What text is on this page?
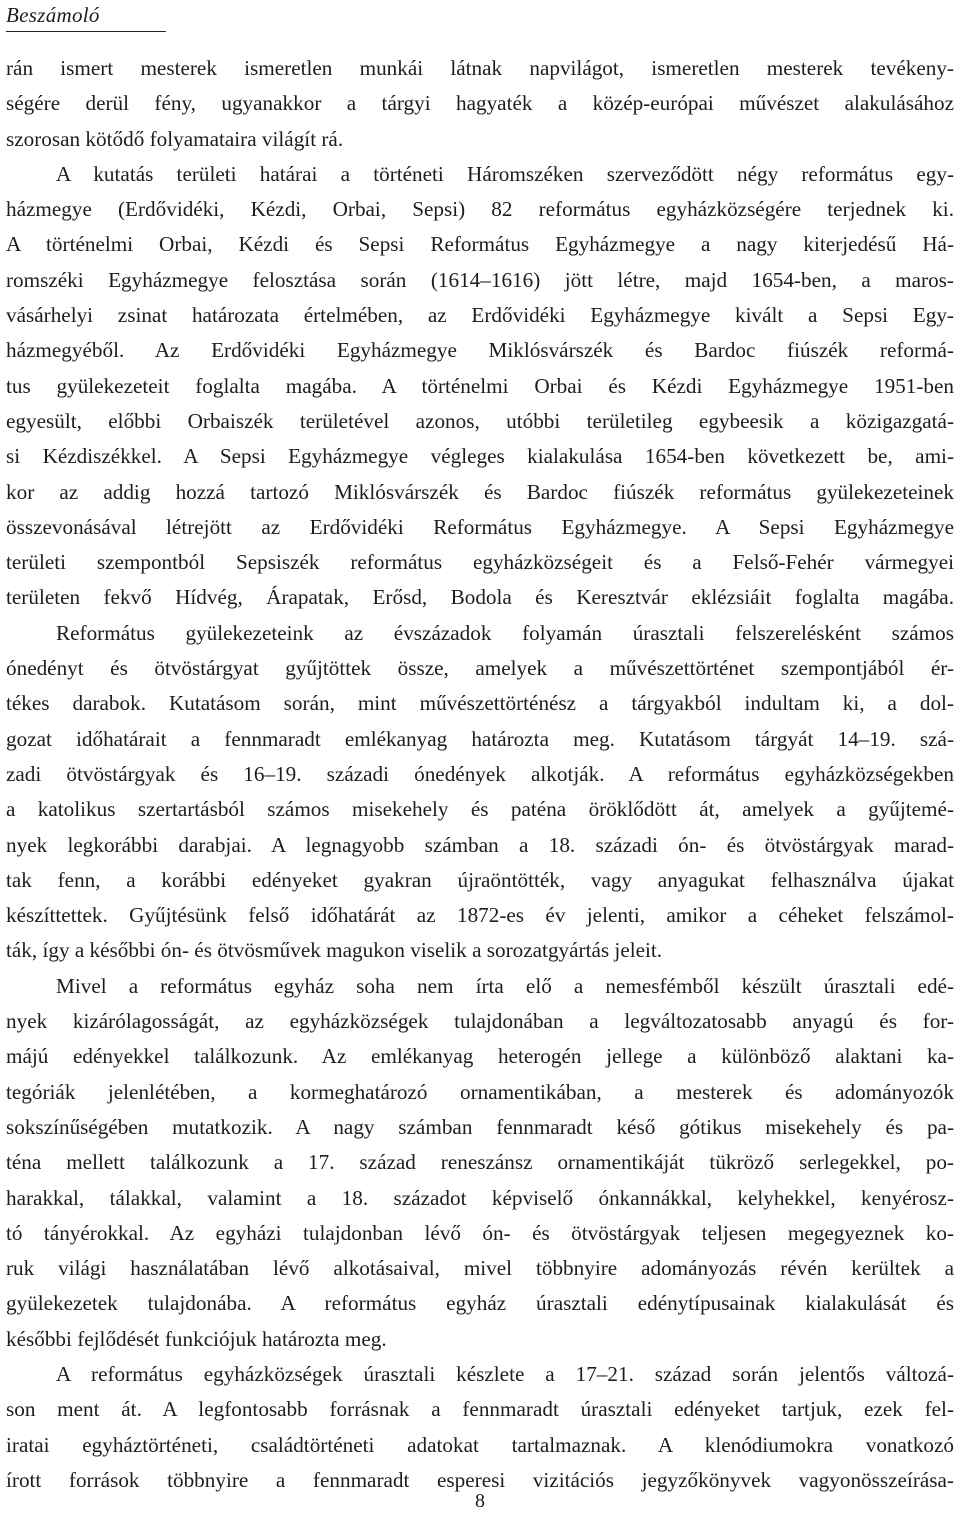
Beszámoló
rán ismert mesterek ismeretlen munkái látnak napvilágot, ismeretlen mesterek tevékeny-
ségére derül fény, ugyanakkor a tárgyi hagyaték a közép-európai művészet alakulásához
szorosan kötődő folyamataira világít rá.
A kutatás területi határai a történeti Háromszéken szerveződött négy református egy-
házmegye (Erdővidéki, Kézdi, Orbai, Sepsi) 82 református egyházközségére terjednek ki.
A történelmi Orbai, Kézdi és Sepsi Református Egyházmegye a nagy kiterjedésű Há-
romszéki Egyházmegye felosztása során (1614–1616) jött létre, majd 1654-ben, a maros-
vásárhelyi zsinat határozata értelmében, az Erdővidéki Egyházmegye kivált a Sepsi Egy-
házmegyéből. Az Erdővidéki Egyházmegye Miklósvárszék és Bardoc fiúszék reformá-
tus gyülekezeteit foglalta magába. A történelmi Orbai és Kézdi Egyházmegye 1951-ben
egyesült, előbbi Orbaiszék területével azonos, utóbbi területileg egybeesik a közigazgatá-
si Kézdiszékkel. A Sepsi Egyházmegye végleges kialakulása 1654-ben következett be, ami-
kor az addig hozzá tartozó Miklósvárszék és Bardoc fiúszék református gyülekezeteinek
összevonásával létrejött az Erdővidéki Református Egyházmegye. A Sepsi Egyházmegye
területi szempontból Sepsiszék református egyházközségeit és a Felső-Fehér vármegyei
területen fekvő Hídvég, Árapatak, Erősd, Bodola és Keresztvár eklézsiáit foglalta magába.
Református gyülekezeteink az évszázadok folyamán úrasztali felszerelésként számos
ónedényt és ötvöstárgyat gyűjtöttek össze, amelyek a művészettörténet szempontjából ér-
tékes darabok. Kutatásom során, mint művészettörténész a tárgyakból indultam ki, a dol-
gozat időhatárait a fennmaradt emlékanyag határozta meg. Kutatásom tárgyát 14–19. szá-
zadi ötvöstárgyak és 16–19. századi ónedények alkotják. A református egyházközségekben
a katolikus szertartásból számos misekehely és paténa öröklődött át, amelyek a gyűjtemé-
nyek legkorábbi darabjai. A legnagyobb számban a 18. századi ón- és ötvöstárgyak marad-
tak fenn, a korábbi edényeket gyakran újraöntötték, vagy anyagukat felhasználva újakat
készíttettek. Gyűjtésünk felső időhatárát az 1872-es év jelenti, amikor a céheket felszámol-
ták, így a későbbi ón- és ötvösművek magukon viselik a sorozatgyártás jeleit.
Mivel a református egyház soha nem írta elő a nemesfémből készült úrasztali edé-
nyek kizárólagosságát, az egyházközségek tulajdonában a legváltozatosabb anyagú és for-
májú edényekkel találkozunk. Az emlékanyag heterogén jellege a különböző alaktani ka-
tegóriák jelenlétében, a kormeghatározó ornamentikában, a mesterek és adományozók
sokszínűségében mutatkozik. A nagy számban fennmaradt késő gótikus misekehely és pa-
téna mellett találkozunk a 17. század reneszánsz ornamentikáját tükröző serlegekkel, po-
harakkal, tálakkal, valamint a 18. századot képviselő ónkannákkal, kelyhekkel, kenyérosz-
tó tányérokkal. Az egyházi tulajdonban lévő ón- és ötvöstárgyak teljesen megegyeznek ko-
ruk világi használatában lévő alkotásaival, mivel többnyire adományozás révén kerültek a
gyülekezetek tulajdonába. A református egyház úrasztali edénytípusainak kialakulását és
későbbi fejlődését funkciójuk határozta meg.
A református egyházközségek úrasztali készlete a 17–21. század során jelentős változá-
son ment át. A legfontosabb forrásnak a fennmaradt úrasztali edényeket tartjuk, ezek fel-
iratai egyháztörténeti, családtörténeti adatokat tartalmaznak. A klenódiumokra vonatkozó
írott források többnyire a fennmaradt esperesi vizitációs jegyzőkönyvek vagyonösszeírása-
8
